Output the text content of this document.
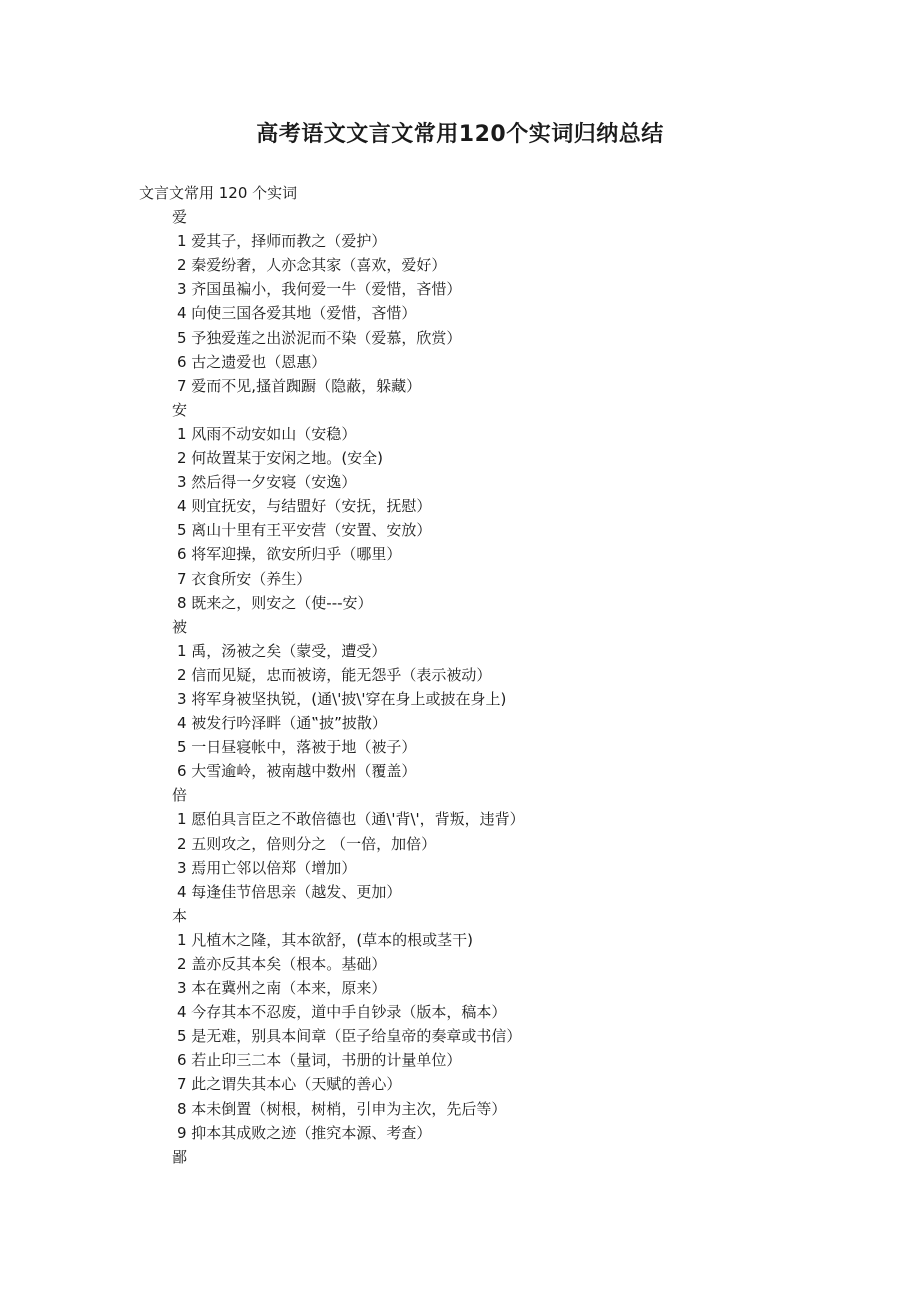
高考语文文言文常用120个实词归纳总结
文言文常用 120 个实词
爱
1 爱其子，择师而教之（爱护）
2 秦爱纷奢，人亦念其家（喜欢，爱好）
3 齐国虽褊小，我何爱一牛（爱惜，吝惜）
4 向使三国各爱其地（爱惜，吝惜）
5 予独爱莲之出淤泥而不染（爱慕，欣赏）
6 古之遗爱也（恩惠）
7 爱而不见,搔首踟蹰（隐蔽，躲藏）
安
1 风雨不动安如山（安稳）
2 何故置某于安闲之地。(安全)
3 然后得一夕安寝（安逸）
4 则宜抚安，与结盟好（安抚，抚慰）
5 离山十里有王平安营（安置、安放）
6 将军迎操，欲安所归乎（哪里）
7 衣食所安（养生）
8 既来之，则安之（使---安）
被
1 禹，汤被之矣（蒙受，遭受）
2 信而见疑，忠而被谤，能无怨乎（表示被动）
3 将军身被坚执锐，(通\'披\'穿在身上或披在身上)
4 被发行吟泽畔（通‟披”披散）
5 一日昼寝帐中，落被于地（被子）
6 大雪逾岭，被南越中数州（覆盖）
倍
1 愿伯具言臣之不敢倍德也（通\'背\'，背叛，违背）
2 五则攻之，倍则分之 （一倍，加倍）
3 焉用亡邻以倍郑（增加）
4 每逢佳节倍思亲（越发、更加）
本
1 凡植木之隆，其本欲舒，(草本的根或茎干)
2 盖亦反其本矣（根本。基础）
3 本在冀州之南（本来，原来）
4 今存其本不忍废，道中手自钞录（版本，稿本）
5 是无难，别具本间章（臣子给皇帝的奏章或书信）
6 若止印三二本（量词，书册的计量单位）
7 此之谓失其本心（天赋的善心）
8 本未倒置（树根，树梢，引申为主次，先后等）
9 抑本其成败之迹（推究本源、考查）
鄙
